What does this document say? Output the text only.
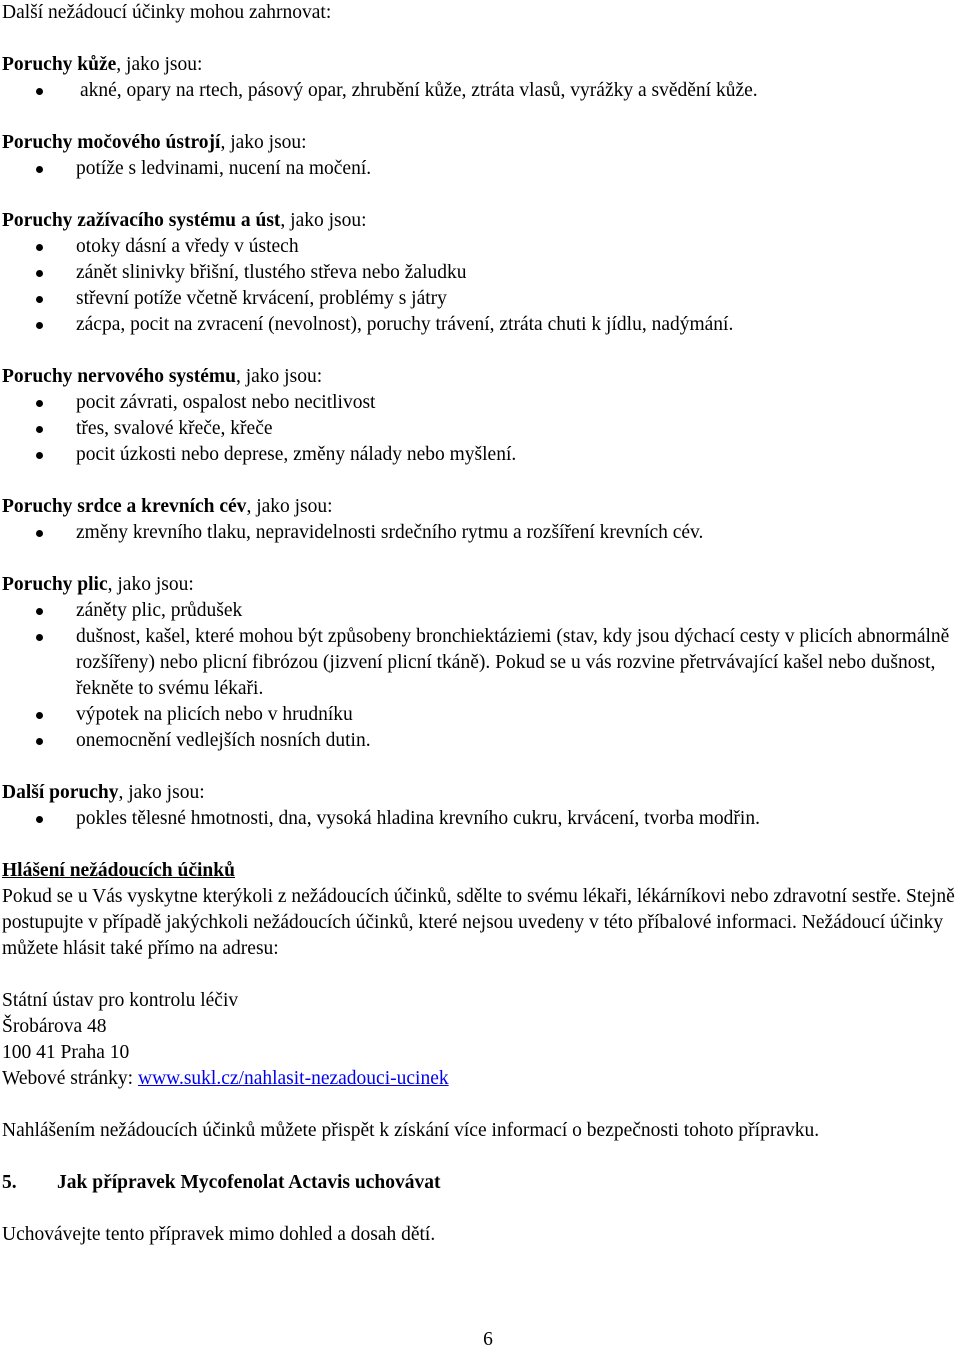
Další nežádoucí účinky mohou zahrnovat:

Poruchy kůže, jako jsou:

akné, opary na rtech, pásový opar, zhrubění kůže, ztráta vlasů, vyrážky a svědění kůže.

Poruchy močového ústrojí, jako jsou:

potíže s ledvinami, nucení na močení.

Poruchy zažívacího systému a úst, jako jsou:

otoky dásní a vředy v ústech
zánět slinivky břišní, tlustého střeva nebo žaludku
střevní potíže včetně krvácení, problémy s játry
zácpa, pocit na zvracení (nevolnost), poruchy trávení, ztráta chuti k jídlu, nadýmání.

Poruchy nervového systému, jako jsou:

pocit závrati, ospalost nebo necitlivost
třes, svalové křeče, křeče
pocit úzkosti nebo deprese, změny nálady nebo myšlení.

Poruchy srdce a krevních cév, jako jsou:

změny krevního tlaku, nepravidelnosti srdečního rytmu a rozšíření krevních cév.

Poruchy plic, jako jsou:

záněty plic, průdušek
dušnost, kašel, které mohou být způsobeny bronchiektáziemi (stav, kdy jsou dýchací cesty v plicích abnormálně rozšířeny) nebo plicní fibrózou (jizvení plicní tkáně). Pokud se u vás rozvine přetrvávající kašel nebo dušnost, řekněte to svému lékaři.
výpotek na plicích nebo v hrudníku
onemocnění vedlejších nosních dutin.

Další poruchy, jako jsou:

pokles tělesné hmotnosti, dna, vysoká hladina krevního cukru, krvácení, tvorba modřin.

Hlášení nežádoucích účinků

Pokud se u Vás vyskytne kterýkoli z nežádoucích účinků, sdělte to svému lékaři, lékárníkovi nebo zdravotní sestře. Stejně postupujte v případě jakýchkoli nežádoucích účinků, které nejsou uvedeny v této příbalové informaci. Nežádoucí účinky můžete hlásit také přímo na adresu:

Státní ústav pro kontrolu léčiv

Šrobárova 48

100 41 Praha 10

Webové stránky: www.sukl.cz/nahlasit-nezadouci-ucinek

Nahlášením nežádoucích účinků můžete přispět k získání více informací o bezpečnosti tohoto přípravku.

5. Jak přípravek Mycofenolat Actavis uchovávat

Uchovávejte tento přípravek mimo dohled a dosah dětí.

6
